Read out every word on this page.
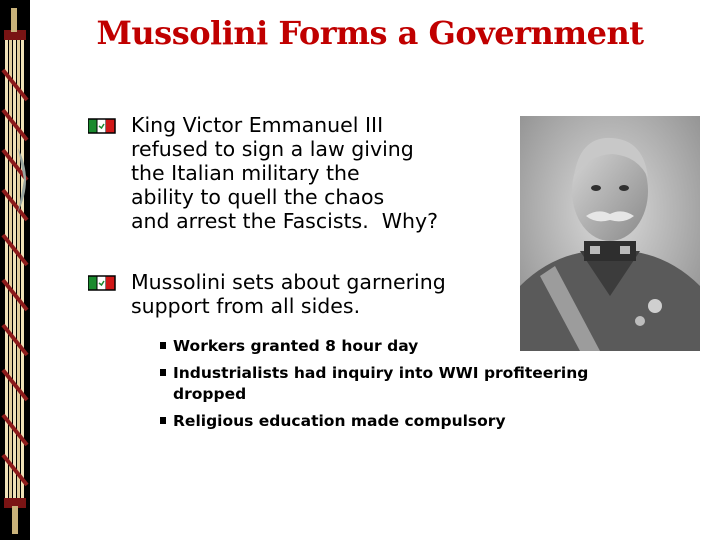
Mussolini Forms a Government
King Victor Emmanuel III
refused to sign a law giving
the Italian military the
ability to quell the chaos
and arrest the Fascists.  Why?
Mussolini sets about garnering
support from all sides.
Workers granted 8 hour day
Industrialists had inquiry into WWI profiteering
dropped
Religious education made compulsory
